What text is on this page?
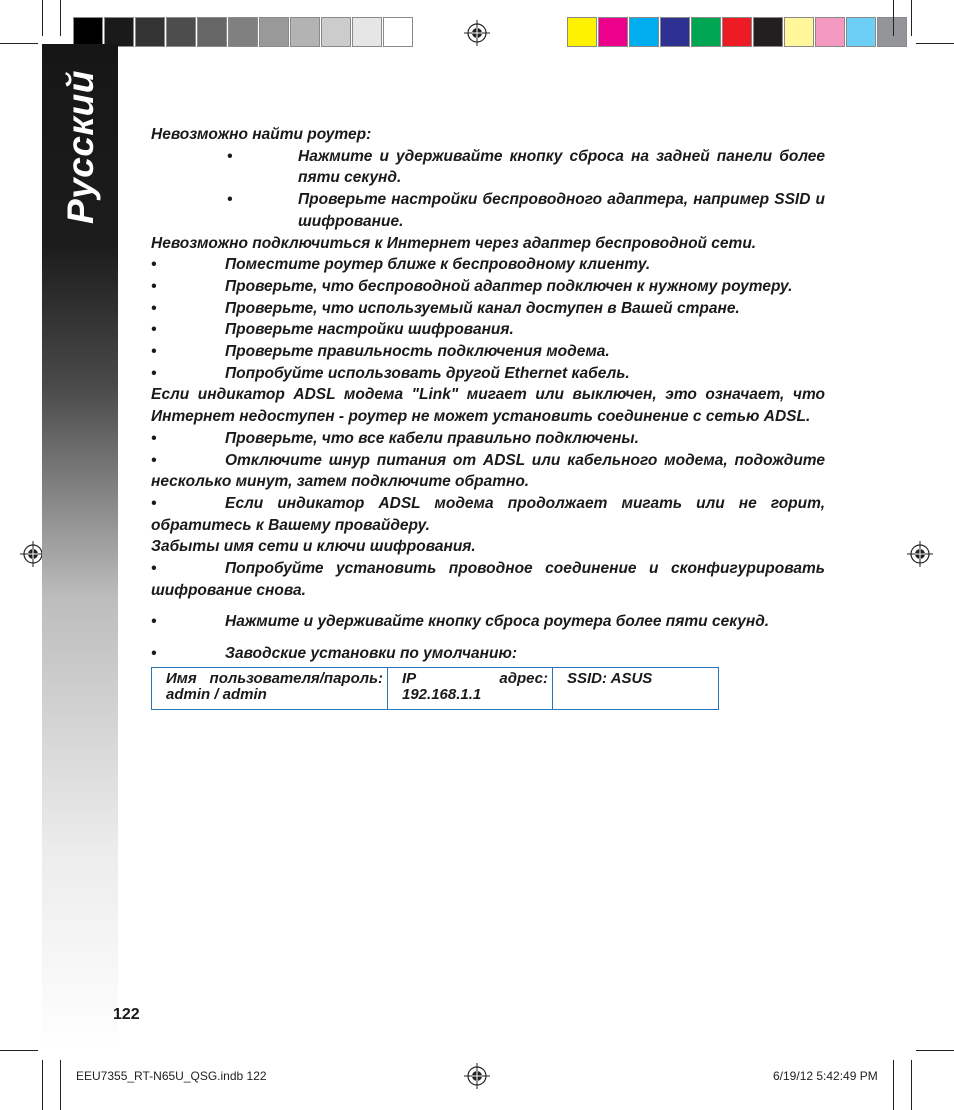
Русский	Невозможно найти роутер:

•	Нажмите и удерживайте кнопку сброса на задней панели более пяти секунд.
•	Проверьте настройки беспроводного адаптера, например SSID и шифрование.

Невозможно подключиться к Интернет через адаптер беспроводной сети.

•	Поместите роутер ближе к беспроводному клиенту.
•	Проверьте, что беспроводной адаптер подключен к нужному роутеру.
•	Проверьте, что используемый канал доступен в Вашей стране.
•	Проверьте настройки шифрования.
•	Проверьте правильность подключения модема.
•	Попробуйте использовать другой Ethernet кабель.

Если индикатор ADSL модема "Link" мигает или выключен, это означает, что Интернет недоступен - роутер не может установить соединение с сетью ADSL.

•	Проверьте, что все кабели правильно подключены.

•	Отключите шнур питания от ADSL или кабельного модема, подождите несколько минут, затем подключите обратно.

•	Если индикатор ADSL модема продолжает мигать или не горит, обратитесь к Вашему провайдеру.

Забыты имя сети и ключи шифрования.

•	Попробуйте установить проводное соединение и сконфигурировать шифрование снова.

•	Нажмите и удерживайте кнопку сброса роутера более пяти секунд.
•	Заводские установки по умолчанию:
Имя пользователя/пароль: admin / admin	IP адрес: 192.168.1.1	SSID: ASUS
122
EEU7355_RT-N65U_QSG.indb 122	6/19/12 5:42:49 PM
